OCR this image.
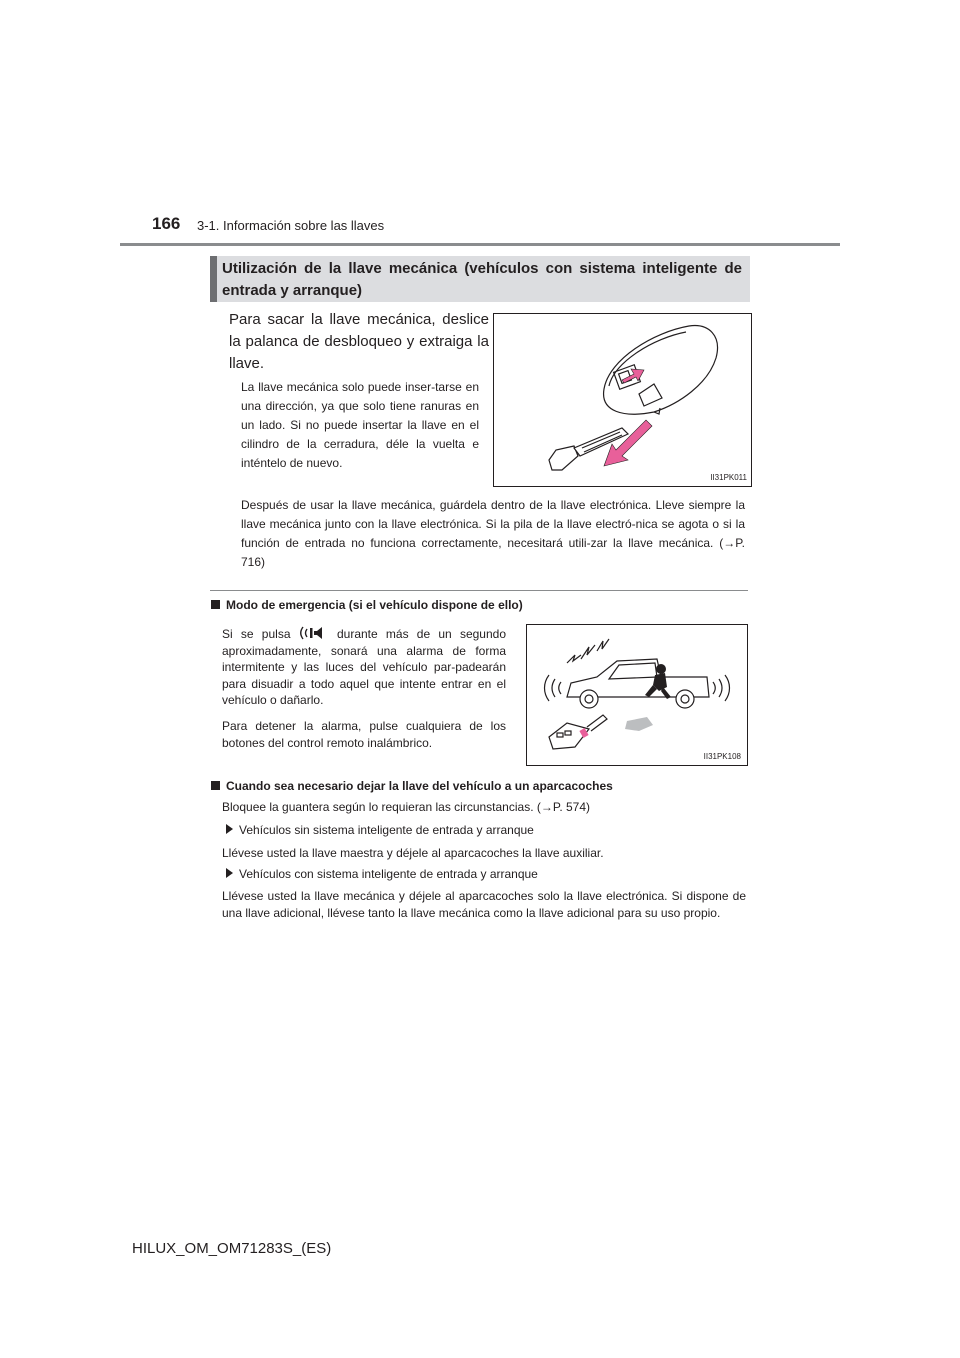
166 3-1. Información sobre las llaves
Utilización de la llave mecánica (vehículos con sistema inteligente de entrada y arranque)
Para sacar la llave mecánica, deslice la palanca de desbloqueo y extraiga la llave.
La llave mecánica solo puede inser-tarse en una dirección, ya que solo tiene ranuras en un lado. Si no puede insertar la llave en el cilindro de la cerradura, déle la vuelta e inténtelo de nuevo.
Después de usar la llave mecánica, guárdela dentro de la llave electrónica. Lleve siempre la llave mecánica junto con la llave electrónica. Si la pila de la llave electró-nica se agota o si la función de entrada no funciona correctamente, necesitará utili-zar la llave mecánica. (→P. 716)
II31PK011
Modo de emergencia (si el vehículo dispone de ello)
Si se pulsa	durante más de un segundo aproximadamente, sonará una alarma de forma intermitente y las luces del vehículo par-padearán para disuadir a todo aquel que intente entrar en el vehículo o dañarlo.
Para detener la alarma, pulse cualquiera de los botones del control remoto inalámbrico.
II31PK108
Cuando sea necesario dejar la llave del vehículo a un aparcacoches
Bloquee la guantera según lo requieran las circunstancias. (→P. 574)
Vehículos sin sistema inteligente de entrada y arranque
Llévese usted la llave maestra y déjele al aparcacoches la llave auxiliar.
Vehículos con sistema inteligente de entrada y arranque
Llévese usted la llave mecánica y déjele al aparcacoches solo la llave electrónica. Si dispone de una llave adicional, llévese tanto la llave mecánica como la llave adicional para su uso propio.
HILUX_OM_OM71283S_(ES)
